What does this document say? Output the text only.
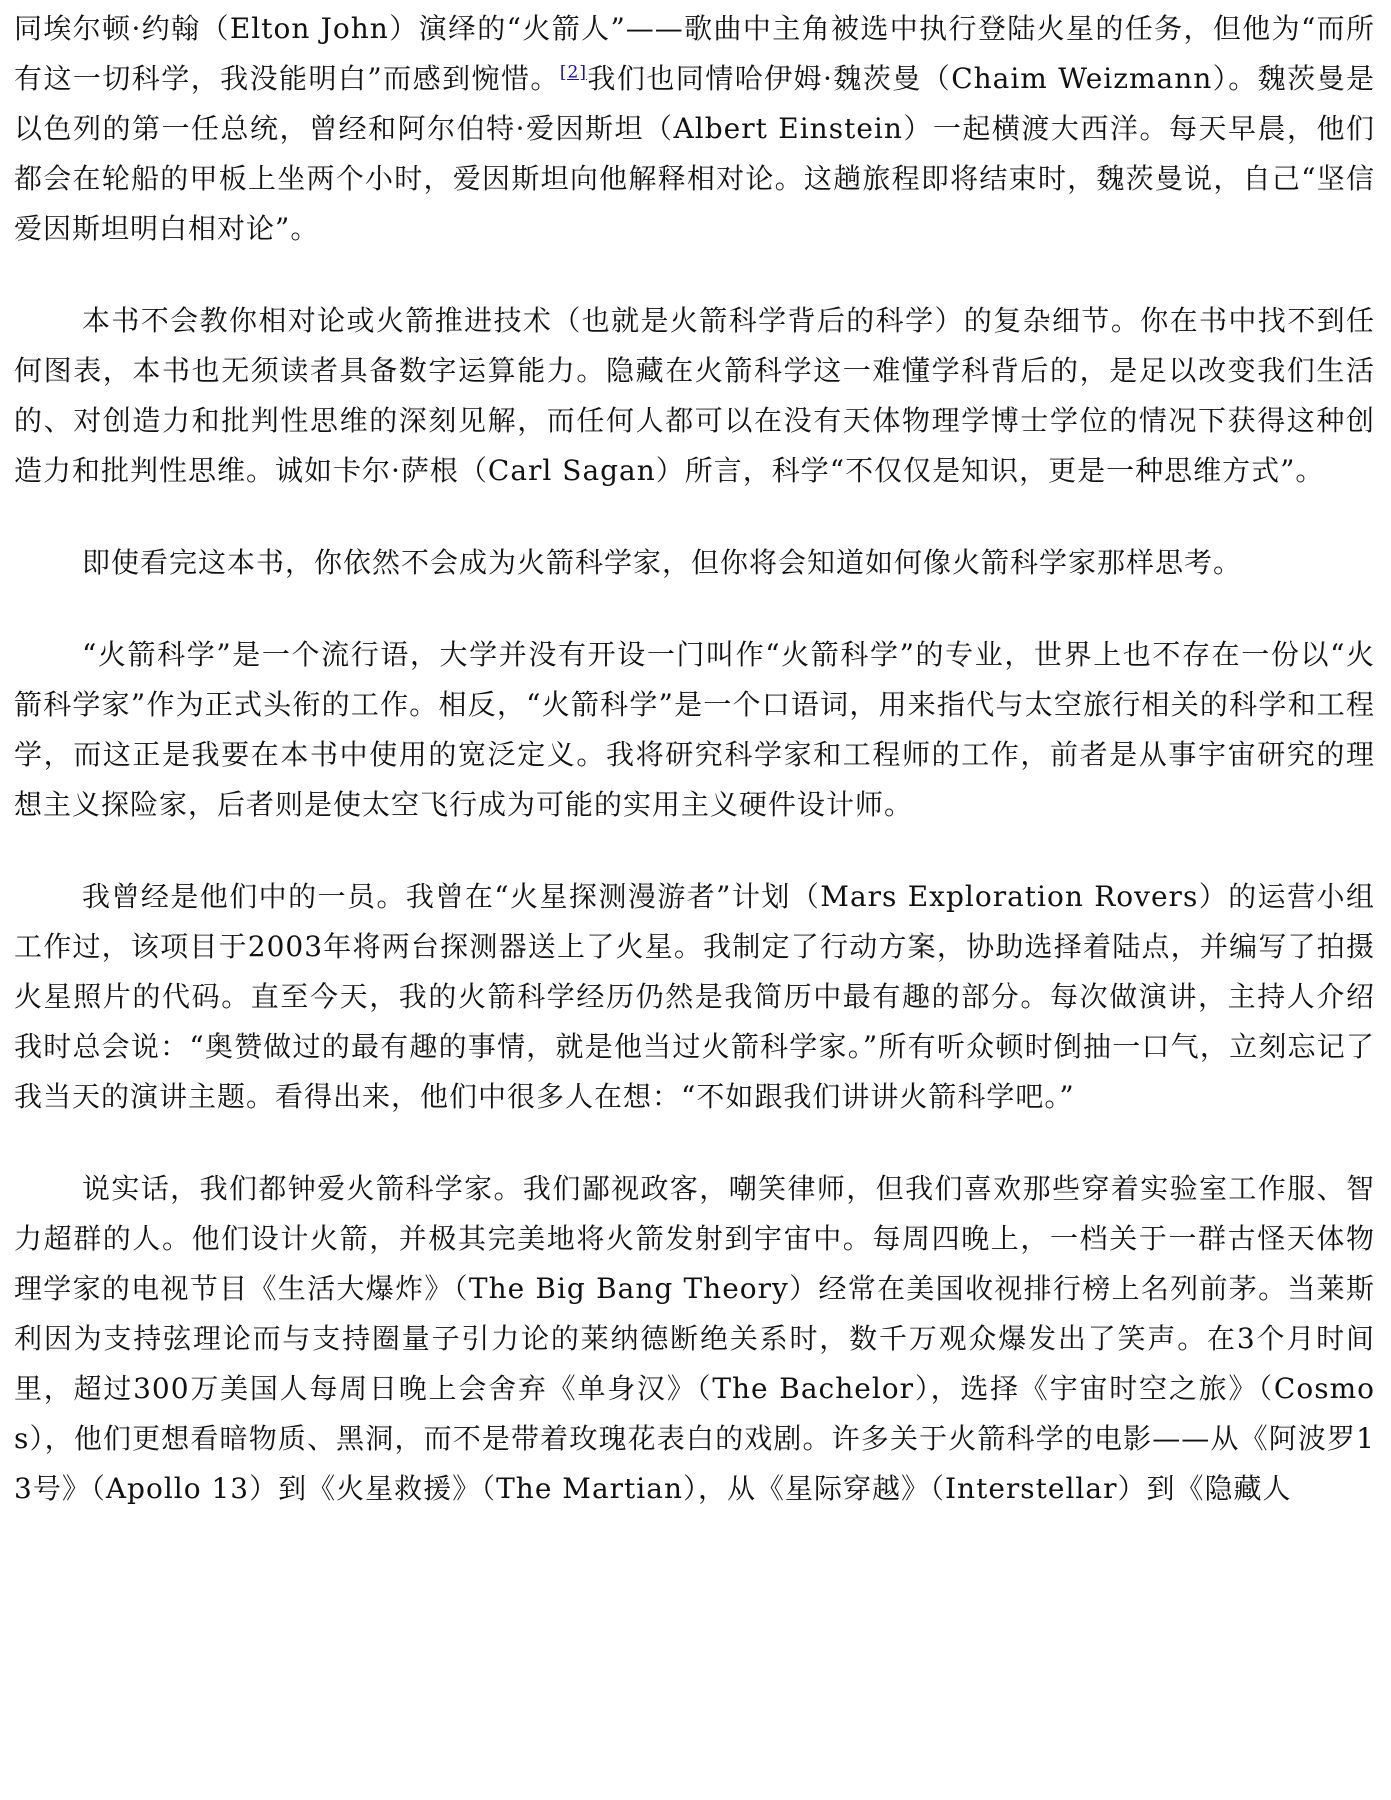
同埃尔顿·约翰（Elton John）演绎的“火箭人”——歌曲中主角被选中执行登陆火星的任务，但他为“而所有这一切科学，我没能明白”而感到惋惜。[2]我们也同情哈伊姆·魏茨曼（Chaim Weizmann）。魏茨曼是以色列的第一任总统，曾经和阿尔伯特·爱因斯坦（Albert Einstein）一起横渡大西洋。每天早晨，他们都会在轮船的甲板上坐两个小时，爱因斯坦向他解释相对论。这趟旅程即将结束时，魏茨曼说，自己“坚信爱因斯坦明白相对论”。

本书不会教你相对论或火箭推进技术（也就是火箭科学背后的科学）的复杂细节。你在书中找不到任何图表，本书也无须读者具备数字运算能力。隐藏在火箭科学这一难懂学科背后的，是足以改变我们生活的、对创造力和批判性思维的深刻见解，而任何人都可以在没有天体物理学博士学位的情况下获得这种创造力和批判性思维。诚如卡尔·萨根（Carl Sagan）所言，科学“不仅仅是知识，更是一种思维方式”。

即使看完这本书，你依然不会成为火箭科学家，但你将会知道如何像火箭科学家那样思考。

“火箭科学”是一个流行语，大学并没有开设一门叫作“火箭科学”的专业，世界上也不存在一份以“火箭科学家”作为正式头衔的工作。相反，“火箭科学”是一个口语词，用来指代与太空旅行相关的科学和工程学，而这正是我要在本书中使用的宽泛定义。我将研究科学家和工程师的工作，前者是从事宇宙研究的理想主义探险家，后者则是使太空飞行成为可能的实用主义硬件设计师。

我曾经是他们中的一员。我曾在“火星探测漫游者”计划（Mars Exploration Rovers）的运营小组工作过，该项目于2003年将两台探测器送上了火星。我制定了行动方案，协助选择着陆点，并编写了拍摄火星照片的代码。直至今天，我的火箭科学经历仍然是我简历中最有趣的部分。每次做演讲，主持人介绍我时总会说：“奥赞做过的最有趣的事情，就是他当过火箭科学家。”所有听众顿时倒抽一口气，立刻忘记了我当天的演讲主题。看得出来，他们中很多人在想：“不如跟我们讲讲火箭科学吧。”

说实话，我们都钟爱火箭科学家。我们鄙视政客，嘲笑律师，但我们喜欢那些穿着实验室工作服、智力超群的人。他们设计火箭，并极其完美地将火箭发射到宇宙中。每周四晚上，一档关于一群古怪天体物理学家的电视节目《生活大爆炸》（The Big Bang Theory）经常在美国收视排行榜上名列前茅。当莱斯利因为支持弦理论而与支持圈量子引力论的莱纳德断绝关系时，数千万观众爆发出了笑声。在3个月时间里，超过300万美国人每周日晚上会舍弃《单身汉》（The Bachelor），选择《宇宙时空之旅》（Cosmos），他们更想看暗物质、黑洞，而不是带着玫瑰花表白的戏剧。许多关于火箭科学的电影——从《阿波罗13号》（Apollo 13）到《火星救援》（The Martian），从《星际穿越》（Interstellar）到《隐藏人
